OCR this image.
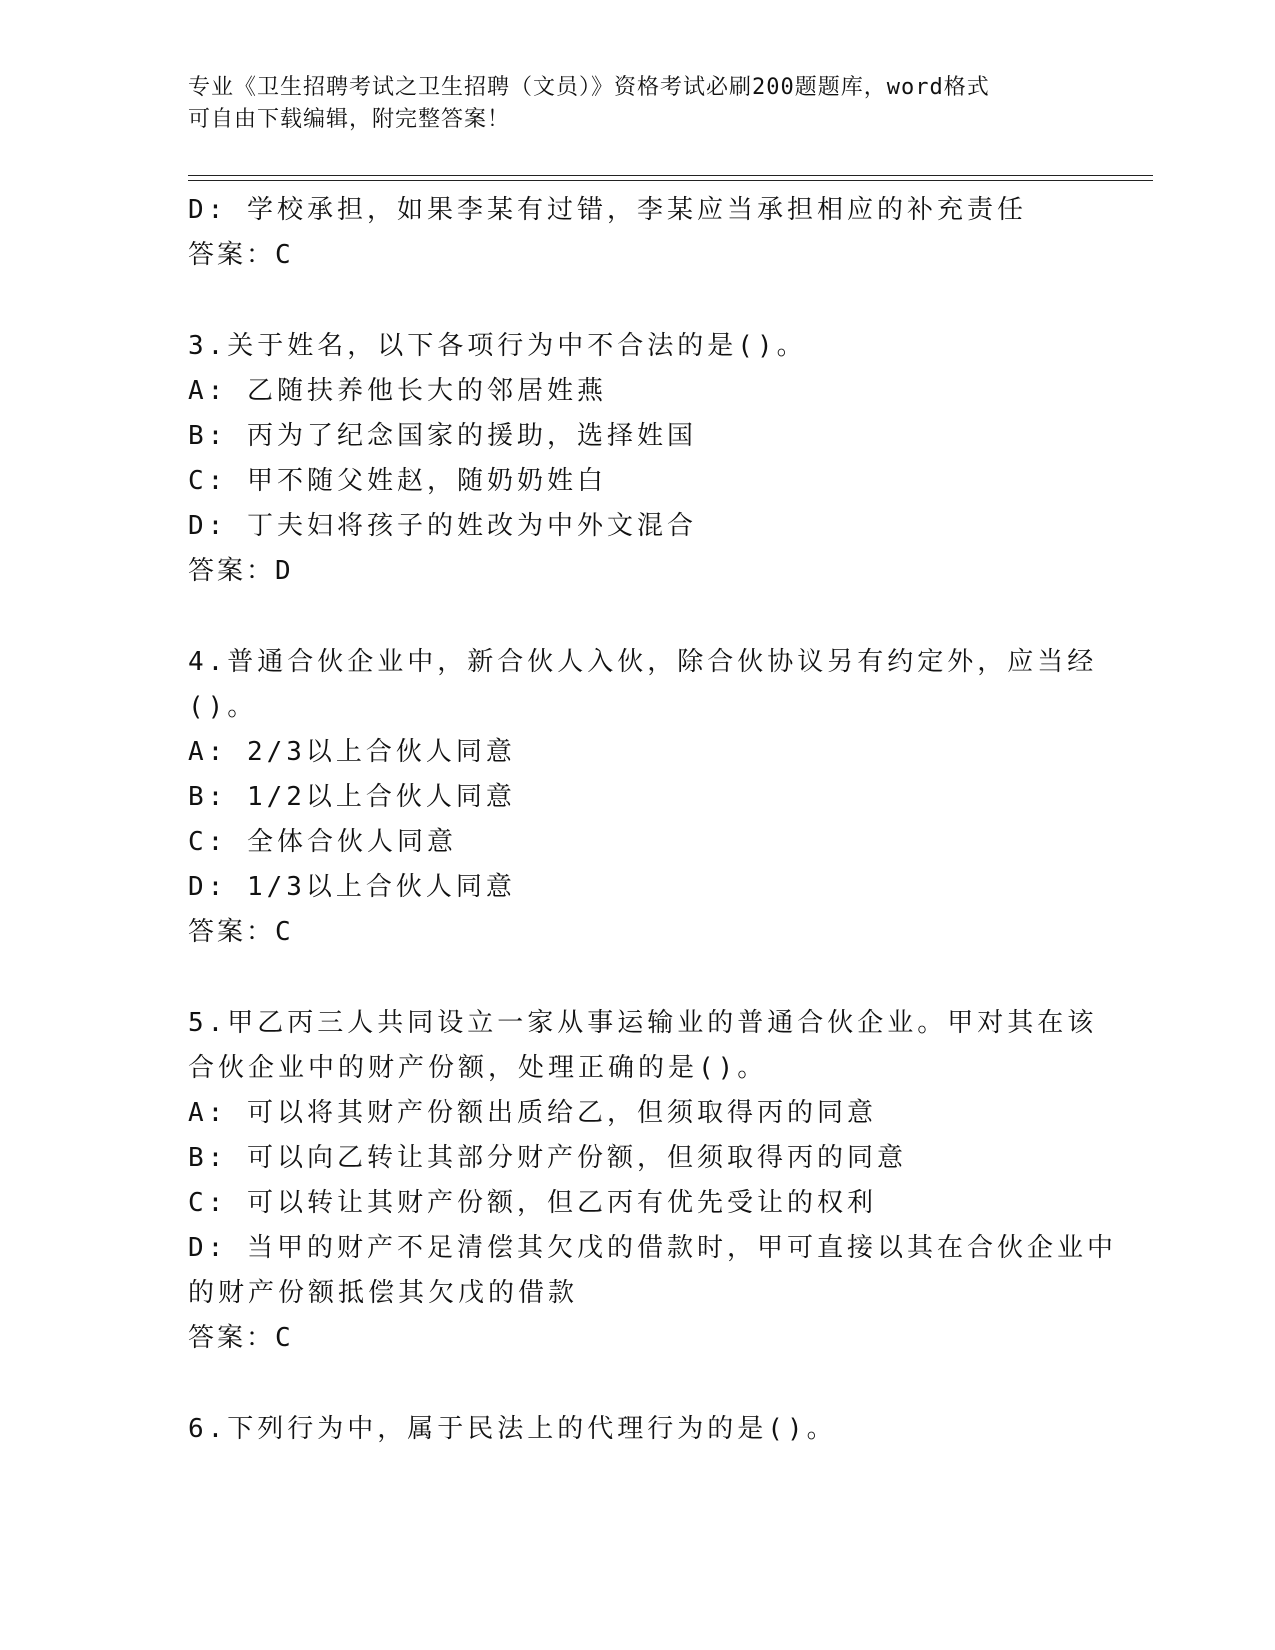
专业《卫生招聘考试之卫生招聘（文员）》资格考试必刷200题题库，word格式
可自由下载编辑，附完整答案！
D: 学校承担，如果李某有过错，李某应当承担相应的补充责任
答案：C
3.关于姓名，以下各项行为中不合法的是()。
A: 乙随扶养他长大的邻居姓燕
B: 丙为了纪念国家的援助，选择姓国
C: 甲不随父姓赵，随奶奶姓白
D: 丁夫妇将孩子的姓改为中外文混合
答案：D
4.普通合伙企业中，新合伙人入伙，除合伙协议另有约定外，应当经
()。
A: 2/3以上合伙人同意
B: 1/2以上合伙人同意
C: 全体合伙人同意
D: 1/3以上合伙人同意
答案：C
5.甲乙丙三人共同设立一家从事运输业的普通合伙企业。甲对其在该
合伙企业中的财产份额，处理正确的是()。
A: 可以将其财产份额出质给乙，但须取得丙的同意
B: 可以向乙转让其部分财产份额，但须取得丙的同意
C: 可以转让其财产份额，但乙丙有优先受让的权利
D: 当甲的财产不足清偿其欠戊的借款时，甲可直接以其在合伙企业中
的财产份额抵偿其欠戊的借款
答案：C
6.下列行为中，属于民法上的代理行为的是()。
